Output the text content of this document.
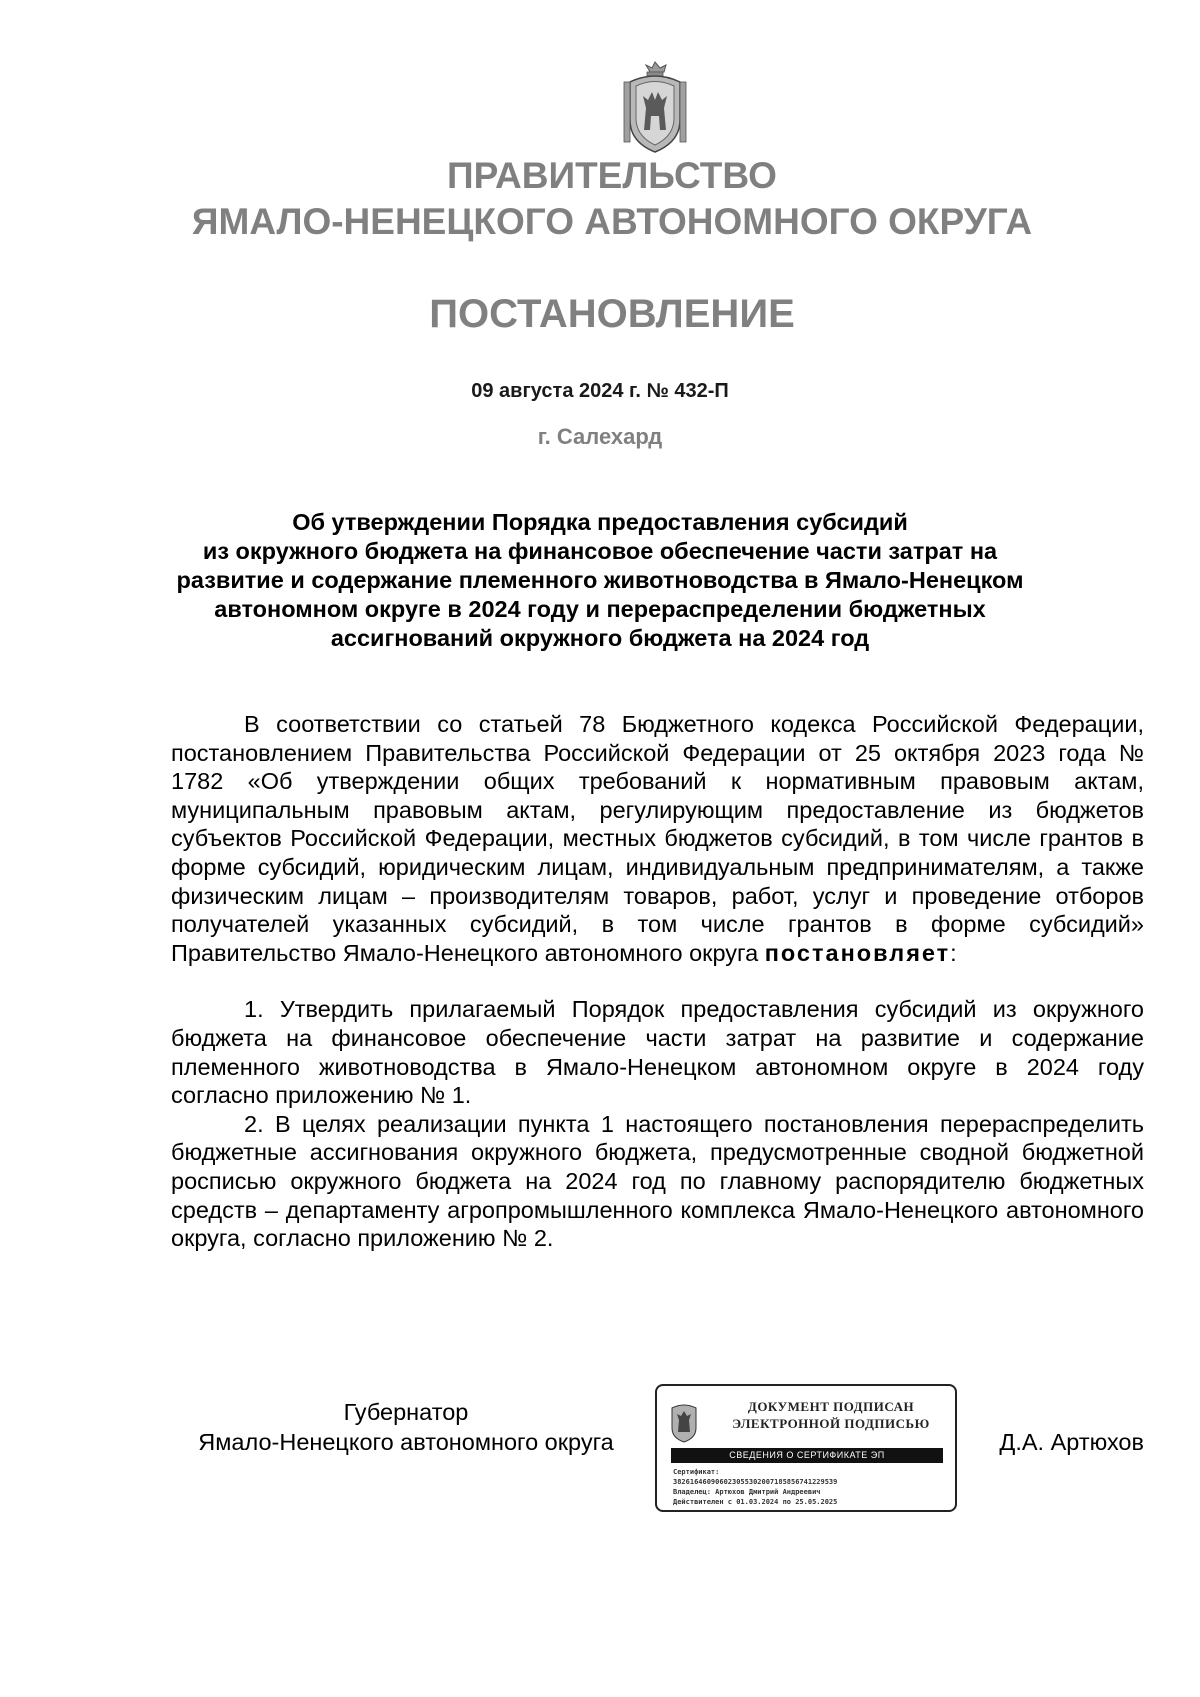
ПРАВИТЕЛЬСТВО
ЯМАЛО-НЕНЕЦКОГО АВТОНОМНОГО ОКРУГА
ПОСТАНОВЛЕНИЕ
09 августа 2024 г. № 432-П
г. Салехард
Об утверждении Порядка предоставления субсидий
из окружного бюджета на финансовое обеспечение части затрат на
развитие и содержание племенного животноводства в Ямало-Ненецком
автономном округе в 2024 году и перераспределении бюджетных
ассигнований окружного бюджета на 2024 год

В соответствии со статьей 78 Бюджетного кодекса Российской Федерации, постановлением Правительства Российской Федерации от 25 октября 2023 года № 1782 «Об утверждении общих требований к нормативным правовым актам, муниципальным правовым актам, регулирующим предоставление из бюджетов субъектов Российской Федерации, местных бюджетов субсидий, в том числе грантов в форме субсидий, юридическим лицам, индивидуальным предпринимателям, а также физическим лицам – производителям товаров, работ, услуг и проведение отборов получателей указанных субсидий, в том числе грантов в форме субсидий» Правительство Ямало-Ненецкого автономного округа постановляет:

1. Утвердить прилагаемый Порядок предоставления субсидий из окружного бюджета на финансовое обеспечение части затрат на развитие и содержание племенного животноводства в Ямало-Ненецком автономном округе в 2024 году согласно приложению № 1.

2. В целях реализации пункта 1 настоящего постановления перераспределить бюджетные ассигнования окружного бюджета, предусмотренные сводной бюджетной росписью окружного бюджета на 2024 год по главному распорядителю бюджетных средств – департаменту агропромышленного комплекса Ямало-Ненецкого автономного округа, согласно приложению № 2.

Губернатор
Ямало-Ненецкого автономного округа
ДОКУМЕНТ ПОДПИСАН
ЭЛЕКТРОННОЙ ПОДПИСЬЮ
СВЕДЕНИЯ О СЕРТИФИКАТЕ ЭП
Сертификат:
382616460906023055302007185856741229539
Владелец: Артюхов Дмитрий Андреевич
Действителен с 01.03.2024 по 25.05.2025
Д.А. Артюхов
